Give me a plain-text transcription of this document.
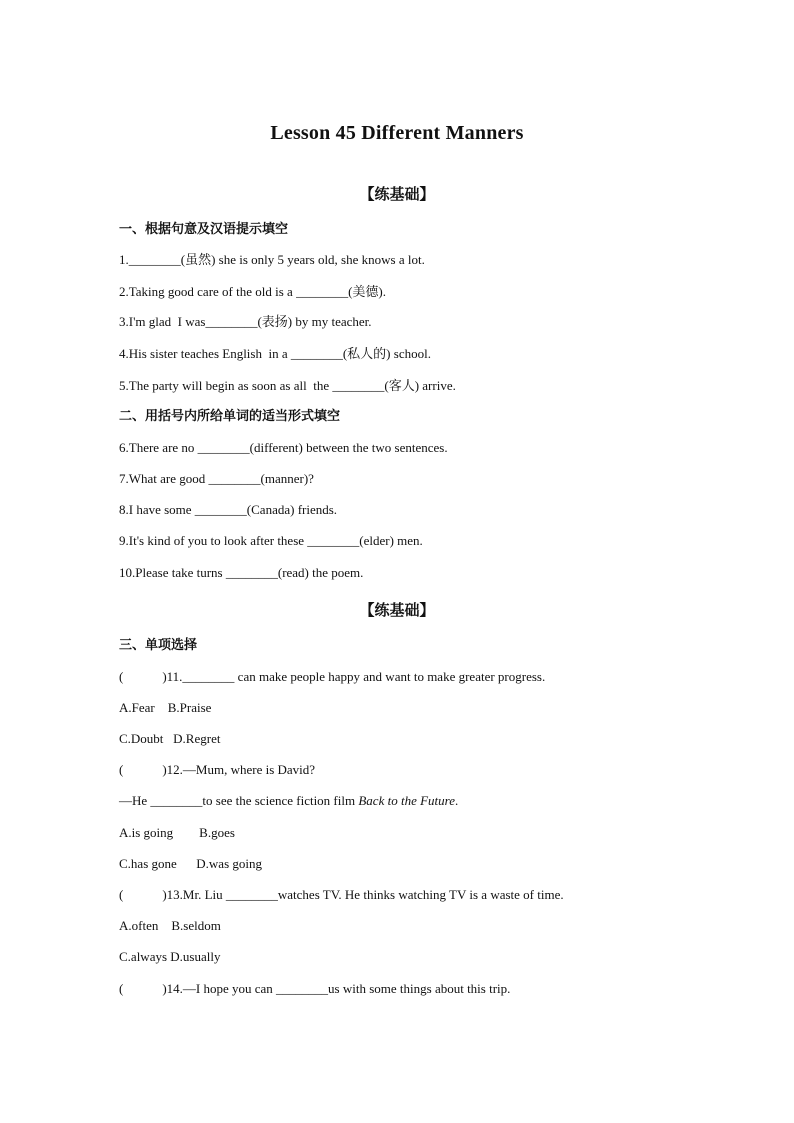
Lesson 45 Different Manners
【练基础】
一、根据句意及汉语提示填空
1.________(虽然) she is only 5 years old, she knows a lot.
2.Taking good care of the old is a ________(美德).
3.I'm glad  I was________(表扬) by my teacher.
4.His sister teaches English  in a ________(私人的) school.
5.The party will begin as soon as all  the ________(客人) arrive.
二、用括号内所给单词的适当形式填空
6.There are no ________(different) between the two sentences.
7.What are good ________(manner)?
8.I have some ________(Canada) friends.
9.It's kind of you to look after these ________(elder) men.
10.Please take turns ________(read) the poem.
【练基础】
三、单项选择
(            )11.________ can make people happy and want to make greater progress.
A.Fear    B.Praise
C.Doubt   D.Regret
(            )12.—Mum, where is David?
—He ________to see the science fiction film Back to the Future.
A.is going        B.goes
C.has gone      D.was going
(            )13.Mr. Liu ________watches TV. He thinks watching TV is a waste of time.
A.often    B.seldom
C.always D.usually
(            )14.—I hope you can ________us with some things about this trip.
